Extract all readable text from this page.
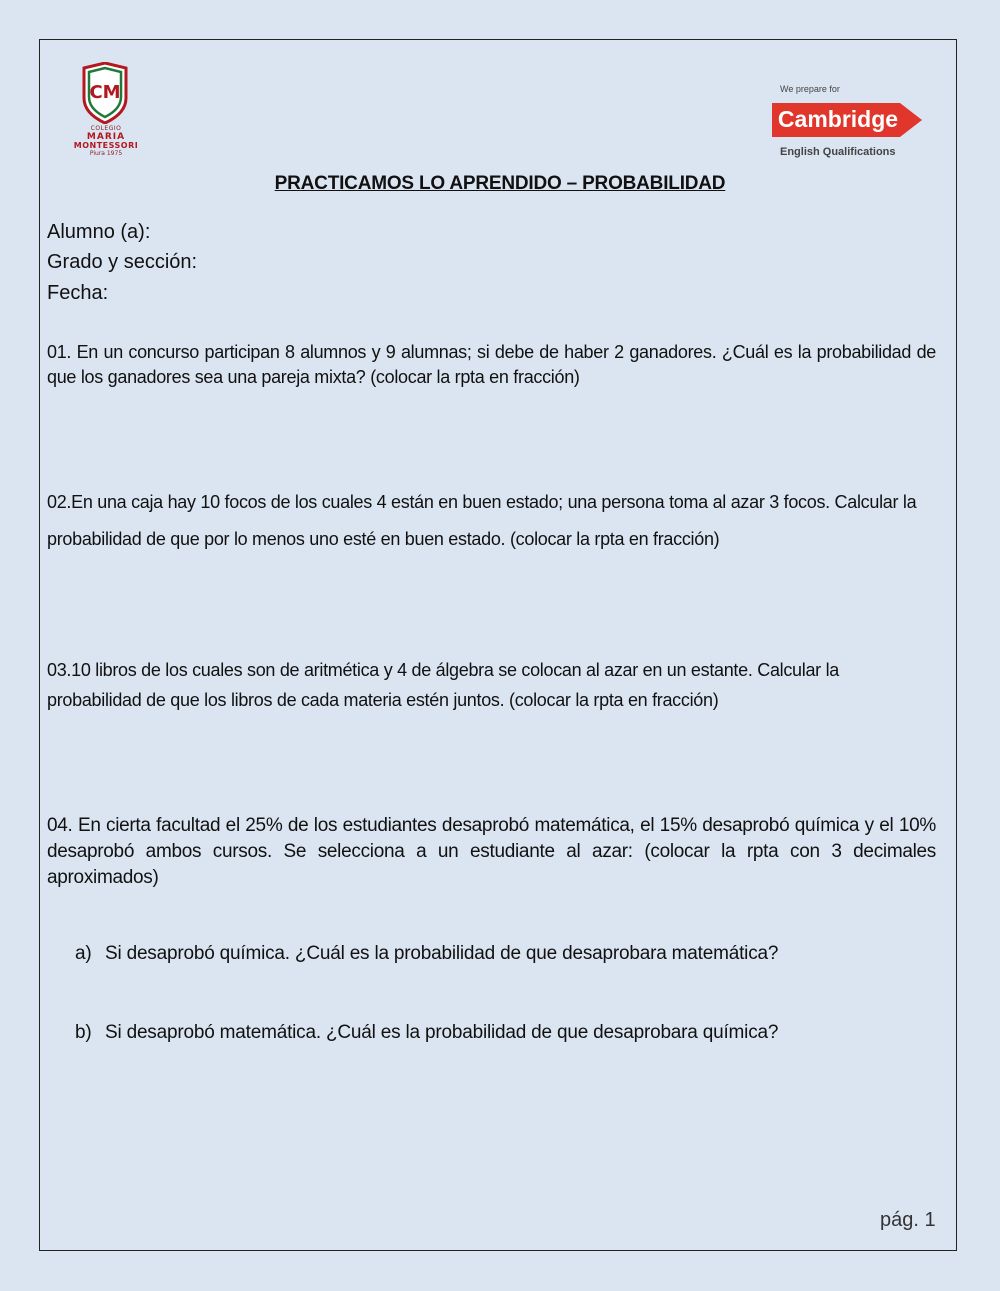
CM
COLEGIO
MARIA
MONTESSORI
Piura 1975
We prepare for
Cambridge
English Qualifications
PRACTICAMOS LO APRENDIDO – PROBABILIDAD
Alumno (a):
Grado y sección:
Fecha:
01. En un concurso participan 8 alumnos y 9 alumnas; si debe de haber 2 ganadores. ¿Cuál es la probabilidad de que los ganadores sea una pareja mixta? (colocar la rpta en fracción)
02.En una caja hay 10 focos de los cuales 4 están en buen estado; una persona toma al azar 3 focos. Calcular la probabilidad de que por lo menos uno esté en buen estado. (colocar la rpta en fracción)
03.10 libros de los cuales son de aritmética y 4 de álgebra se colocan al azar en un estante. Calcular la probabilidad de que los libros de cada materia estén juntos. (colocar la rpta en fracción)
04. En cierta facultad el 25% de los estudiantes desaprobó matemática, el 15% desaprobó química y el 10% desaprobó ambos cursos. Se selecciona a un estudiante al azar: (colocar la rpta con 3 decimales aproximados)
a) Si desaprobó química. ¿Cuál es la probabilidad de que desaprobara matemática?
b) Si desaprobó matemática. ¿Cuál es la probabilidad de que desaprobara química?
pág. 1
